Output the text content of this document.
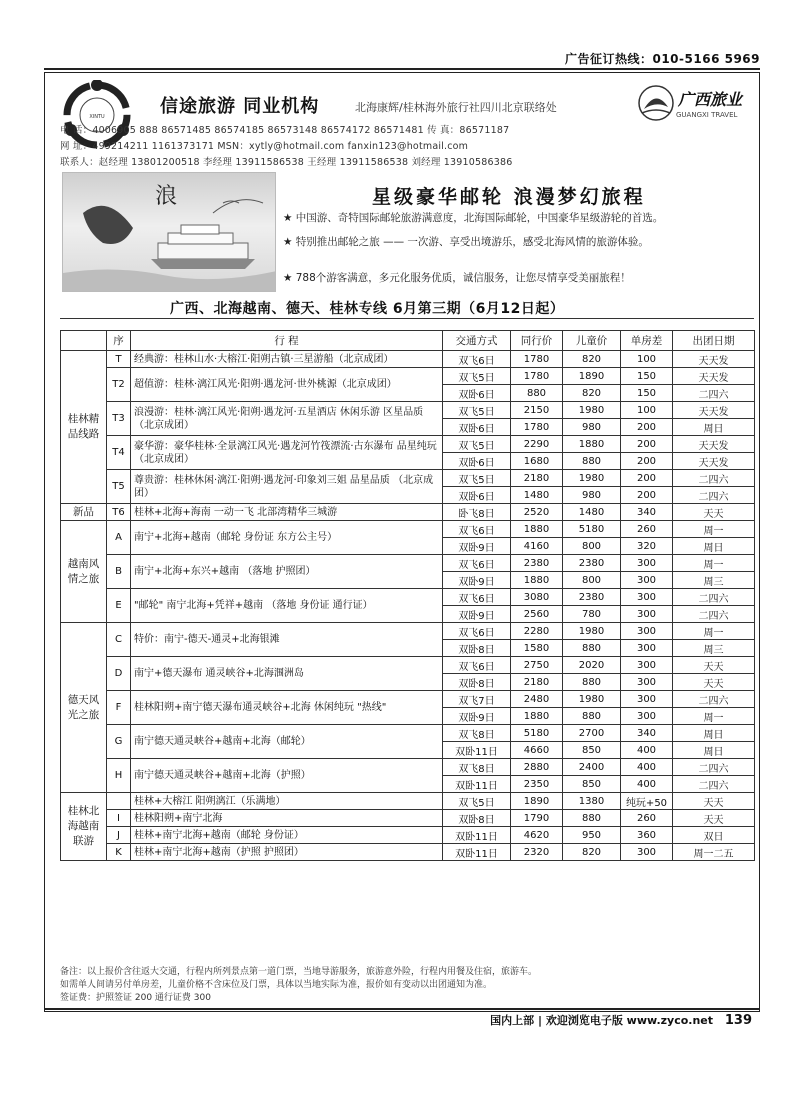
广告征订热线：010-5166 5969
XINTU	信途旅游 同业机构	北海康辉/桂林海外旅行社四川北京联络处	广西旅业
GUANGXI TRAVEL
电 话：4006905 888 86571485 86574185 86573148 86574172 86571481 传 真：86571187
网 址：499214211 1161373171 MSN：xytly@hotmail.com fanxin123@hotmail.com
联系人：赵经理 13801200518 李经理 13911586538 王经理 13911586538 刘经理 13910586386
浪	星级豪华邮轮 浪漫梦幻旅程
★ 中国游、奇特国际邮轮旅游满意度，北海国际邮轮，中国豪华星级游轮的首选。
★ 特别推出邮轮之旅 —— 一次游、享受出境游乐，感受北海风情的旅游体验。
★ 788个游客满意，多元化服务优质，诚信服务，让您尽情享受美丽旅程！
广西、北海越南、德天、桂林专线 6月第三期（6月12日起）
	序	行 程	交通方式	同行价	儿童价	单房差	出团日期
桂林精品线路	T	经典游：桂林山水·大榕江·阳朔古镇·三星游船（北京成团）	双飞6日	1780	820	100	天天发
	T2	超值游：桂林·漓江风光·阳朔·遇龙河·世外桃源（北京成团）	双飞5日	1780	1890	150	天天发
			双卧6日	880	820	150	二四六
	T3	浪漫游：桂林·漓江风光·阳朔·遇龙河·五星酒店 休闲乐游 区星品质 （北京成团）	双飞5日	2150	1980	100	天天发
			双卧6日	1780	980	200	周日
	T4	豪华游：豪华桂林·全景漓江风光·遇龙河竹筏漂流·古东瀑布 品星纯玩 （北京成团）	双飞5日	2290	1880	200	天天发
			双卧6日	1680	880	200	天天发
	T5	尊贵游：桂林休闲·漓江·阳朔·遇龙河·印象刘三姐 品星品质 （北京成团）	双飞5日	2180	1980	200	二四六
			双卧6日	1480	980	200	二四六
新品	T6	桂林+北海+海南 一动一飞 北部湾精华三城游	卧飞8日	2520	1480	340	天天
越南风情之旅	A	南宁+北海+越南（邮轮 身份证 东方公主号）	双飞6日	1880	5180	260	周一
			双卧9日	4160	800	320	周日
	B	南宁+北海+东兴+越南 （落地 护照团）	双飞6日	2380	2380	300	周一
			双卧9日	1880	800	300	周三
	E	"邮轮" 南宁北海+凭祥+越南 （落地 身份证 通行证）	双飞6日	3080	2380	300	二四六
			双卧9日	2560	780	300	二四六
德天风光之旅	C	特价：南宁-德天-通灵+北海银滩	双飞6日	2280	1980	300	周一
			双卧8日	1580	880	300	周三
	D	南宁+德天瀑布 通灵峡谷+北海涠洲岛	双飞6日	2750	2020	300	天天
			双卧8日	2180	880	300	天天
	F	桂林阳朔+南宁德天瀑布通灵峡谷+北海 休闲纯玩 "热线"	双飞7日	2480	1980	300	二四六
			双卧9日	1880	880	300	周一
	G	南宁德天通灵峡谷+越南+北海（邮轮）	双飞8日	5180	2700	340	周日
			双卧11日	4660	850	400	周日
	H	南宁德天通灵峡谷+越南+北海（护照）	双飞8日	2880	2400	400	二四六
			双卧11日	2350	850	400	二四六
桂林北海越南联游		桂林+大榕江 阳朔漓江（乐满地）	双飞5日	1890	1380	纯玩+50	天天
	I	桂林阳朔+南宁北海	双卧8日	1790	880	260	天天
	J	桂林+南宁北海+越南（邮轮 身份证）	双卧11日	4620	950	360	双日
	K	桂林+南宁北海+越南（护照 护照团）	双卧11日	2320	820	300	周一二五
备注：以上报价含往返大交通，行程内所列景点第一道门票，当地导游服务，旅游意外险，行程内用餐及住宿，旅游车。
如需单人间请另付单房差，儿童价格不含床位及门票，具体以当地实际为准，报价如有变动以出团通知为准。
签证费：护照签证 200 通行证费 300
国内上部 | 欢迎浏览电子版 www.zyco.net 139
